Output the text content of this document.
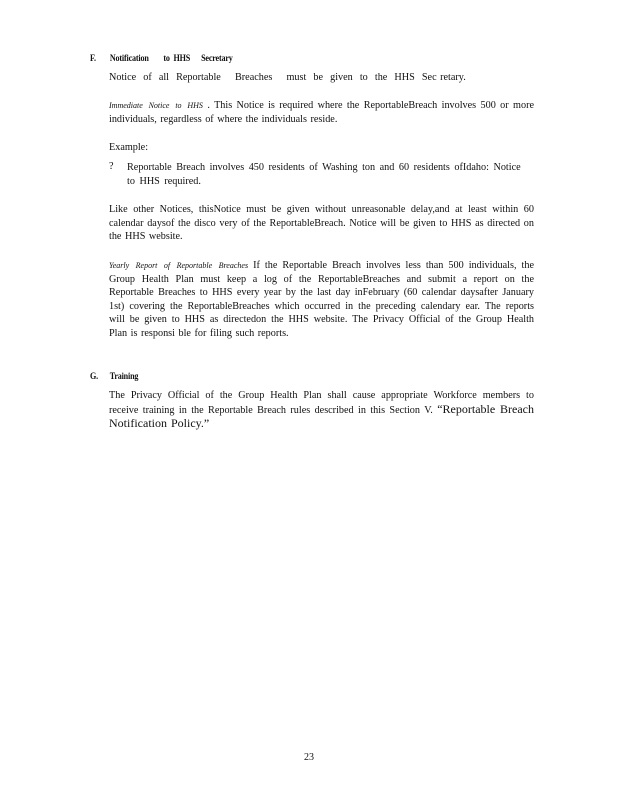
F. Notification        to  HHS      Secretary
Notice  of  all  Reportable    Breaches    must  be  given  to  the  HHS  Sec retary.
Immediate Notice to HHS . This Notice is required where the ReportableBreach involves 500 or more individuals, regardless of where the individuals reside.
Example:
? Reportable Breach involves 450 residents of Washing ton and 60 residents ofIdaho: Notice to HHS required.
Like other Notices, thisNotice must be given without unreasonable delay,and at least within 60 calendar daysof the disco very of the ReportableBreach. Notice will be given to HHS as directed on the HHS website.
Yearly Report of Reportable Breaches If the Reportable Breach involves less than 500 individuals, the Group Health Plan must keep a log of the ReportableBreaches and submit a report on the Reportable Breaches to HHS every year by the last day inFebruary (60 calendar daysafter January 1st) covering the ReportableBreaches which occurred in the preceding calendary ear. The reports will be given to HHS as directedon the HHS website. The Privacy Official of the Group Health Plan is responsi ble for filing such reports.
G. Training
The Privacy Official of the Group Health Plan shall cause appropriate Workforce members to receive training in the Reportable Breach rules described in this Section V. “Reportable Breach Notification Policy.”
23
